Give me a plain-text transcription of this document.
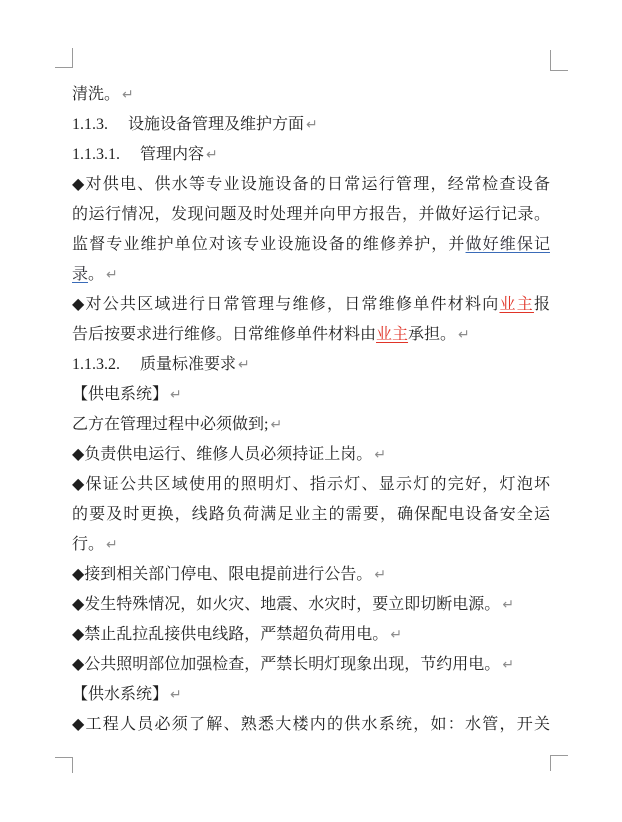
清洗。 ↵
1.1.3. 设施设备管理及维护方面 ↵
1.1.3.1. 管理内容 ↵
◆对供电、供水等专业设施设备的日常运行管理，经常检查设备
的运行情况，发现问题及时处理并向甲方报告，并做好运行记录。
监督专业维护单位对该专业设施设备的维修养护，并做好维保记
录。 ↵
◆对公共区域进行日常管理与维修，日常维修单件材料向业主报
告后按要求进行维修。日常维修单件材料由业主承担。 ↵
1.1.3.2. 质量标准要求 ↵
【供电系统】 ↵
乙方在管理过程中必须做到; ↵
◆负责供电运行、维修人员必须持证上岗。 ↵
◆保证公共区域使用的照明灯、指示灯、显示灯的完好，灯泡坏
的要及时更换，线路负荷满足业主的需要，确保配电设备安全运
行。 ↵
◆接到相关部门停电、限电提前进行公告。 ↵
◆发生特殊情况，如火灾、地震、水灾时，要立即切断电源。 ↵
◆禁止乱拉乱接供电线路，严禁超负荷用电。 ↵
◆公共照明部位加强检查，严禁长明灯现象出现，节约用电。 ↵
【供水系统】 ↵
◆工程人员必须了解、熟悉大楼内的供水系统，如：水管，开关
